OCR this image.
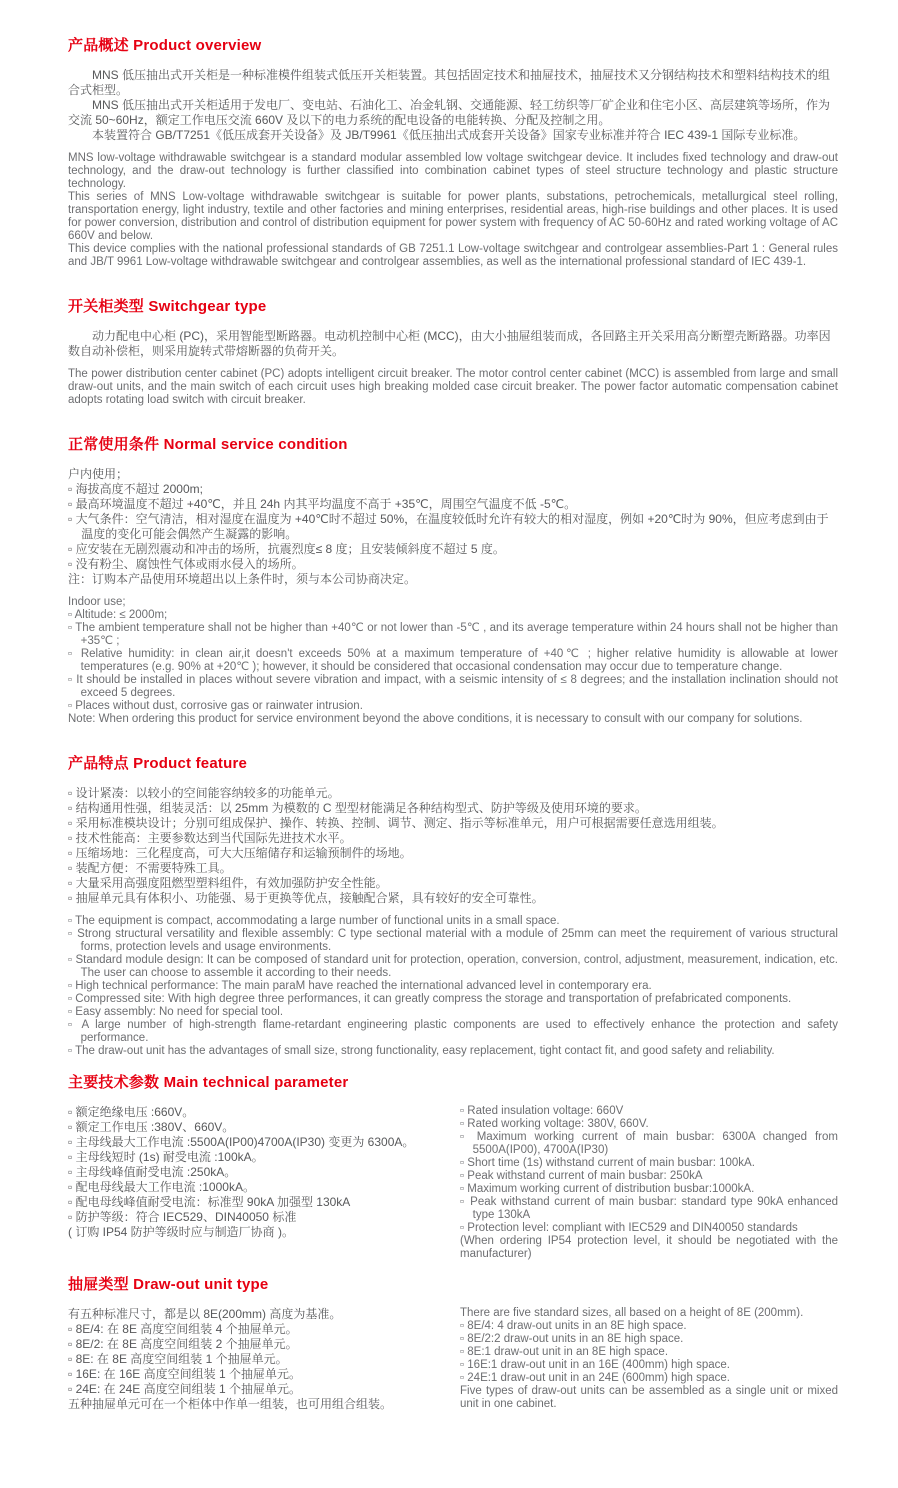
产品概述 Product overview

MNS 低压抽出式开关柜是一种标准模件组装式低压开关柜装置。其包括固定技术和抽屉技术，抽屉技术又分钢结构技术和塑料结构技术的组合式柜型。

MNS 低压抽出式开关柜适用于发电厂、变电站、石油化工、冶金轧钢、交通能源、轻工纺织等厂矿企业和住宅小区、高层建筑等场所，作为交流 50~60Hz，额定工作电压交流 660V 及以下的电力系统的配电设备的电能转换、分配及控制之用。

本装置符合 GB/T7251《低压成套开关设备》及 JB/T9961《低压抽出式成套开关设备》国家专业标准并符合 IEC 439-1 国际专业标准。

MNS low-voltage withdrawable switchgear is a standard modular assembled low voltage switchgear device. It includes fixed technology and draw-out technology, and the draw-out technology is further classified into combination cabinet types of steel structure technology and plastic structure technology.

This series of MNS Low-voltage withdrawable switchgear is suitable for power plants, substations, petrochemicals, metallurgical steel rolling, transportation energy, light industry, textile and other factories and mining enterprises, residential areas, high-rise buildings and other places. It is used for power conversion, distribution and control of distribution equipment for power system with frequency of AC 50-60Hz and rated working voltage of AC 660V and below.

This device complies with the national professional standards of GB 7251.1 Low-voltage switchgear and controlgear assemblies-Part 1 : General rules and JB/T 9961 Low-voltage withdrawable switchgear and controlgear assemblies, as well as the international professional standard of IEC 439-1.

开关柜类型 Switchgear type

动力配电中心柜 (PC)，采用智能型断路器。电动机控制中心柜 (MCC)，由大小抽屉组装而成，各回路主开关采用高分断塑壳断路器。功率因数自动补偿柜，则采用旋转式带熔断器的负荷开关。

The power distribution center cabinet (PC) adopts intelligent circuit breaker. The motor control center cabinet (MCC) is assembled from large and small draw-out units, and the main switch of each circuit uses high breaking molded case circuit breaker. The power factor automatic compensation cabinet adopts rotating load switch with circuit breaker.

正常使用条件 Normal service condition

户内使用；

▫ 海拔高度不超过 2000m;

▫ 最高环境温度不超过 +40℃，并且 24h 内其平均温度不高于 +35℃，周围空气温度不低 -5℃。

▫ 大气条件：空气清洁，相对湿度在温度为 +40℃时不超过 50%，在温度较低时允许有较大的相对湿度，例如 +20℃时为 90%，但应考虑到由于温度的变化可能会偶然产生凝露的影响。

▫ 应安装在无剧烈震动和冲击的场所，抗震烈度≤ 8 度；且安装倾斜度不超过 5 度。

▫ 没有粉尘、腐蚀性气体或雨水侵入的场所。

注：订购本产品使用环境超出以上条件时，须与本公司协商决定。

Indoor use;

▫ Altitude: ≤ 2000m;

▫ The ambient temperature shall not be higher than +40℃ or not lower than -5℃ , and its average temperature within 24 hours shall not be higher than +35℃ ;

▫ Relative humidity: in clean air,it doesn't exceeds 50% at a maximum temperature of +40℃ ; higher relative humidity is allowable at lower temperatures (e.g. 90% at +20℃ ); however, it should be considered that occasional condensation may occur due to temperature change.

▫ It should be installed in places without severe vibration and impact, with a seismic intensity of ≤ 8 degrees; and the installation inclination should not exceed 5 degrees.

▫ Places without dust, corrosive gas or rainwater intrusion.

Note: When ordering this product for service environment beyond the above conditions, it is necessary to consult with our company for solutions.

产品特点 Product feature

▫ 设计紧凑：以较小的空间能容纳较多的功能单元。

▫ 结构通用性强，组装灵活：以 25mm 为模数的 C 型型材能满足各种结构型式、防护等级及使用环境的要求。

▫ 采用标准模块设计；分别可组成保护、操作、转换、控制、调节、测定、指示等标准单元，用户可根据需要任意选用组装。

▫ 技术性能高：主要参数达到当代国际先进技术水平。

▫ 压缩场地：三化程度高，可大大压缩储存和运输预制件的场地。

▫ 装配方便：不需要特殊工具。

▫ 大量采用高强度阻燃型塑料组件，有效加强防护安全性能。

▫ 抽屉单元具有体积小、功能强、易于更换等优点，接触配合紧，具有较好的安全可靠性。

▫ The equipment is compact, accommodating a large number of functional units in a small space.

▫ Strong structural versatility and flexible assembly: C type sectional material with a module of 25mm can meet the requirement of various structural forms, protection levels and usage environments.

▫ Standard module design: It can be composed of standard unit for protection, operation, conversion, control, adjustment, measurement, indication, etc. The user can choose to assemble it according to their needs.

▫ High technical performance: The main paraM have reached the international advanced level in contemporary era.

▫ Compressed site: With high degree three performances, it can greatly compress the storage and transportation of prefabricated components.

▫ Easy assembly: No need for special tool.

▫ A large number of high-strength flame-retardant engineering plastic components are used to effectively enhance the protection and safety performance.

▫ The draw-out unit has the advantages of small size, strong functionality, easy replacement, tight contact fit, and good safety and reliability.

主要技术参数 Main technical parameter

▫ 额定绝缘电压 :660V。

▫ 额定工作电压 :380V、660V。

▫ 主母线最大工作电流 :5500A(IP00)4700A(IP30) 变更为 6300A。

▫ 主母线短时 (1s) 耐受电流 :100kA。

▫ 主母线峰值耐受电流 :250kA。

▫ 配电母线最大工作电流 :1000kA。

▫ 配电母线峰值耐受电流：标准型 90kA 加强型 130kA

▫ 防护等级：符合 IEC529、DIN40050 标准

( 订购 IP54 防护等级时应与制造厂协商 )。

▫ Rated insulation voltage: 660V

▫ Rated working voltage: 380V, 660V.

▫ Maximum working current of main busbar: 6300A changed from 5500A(IP00), 4700A(IP30)

▫ Short time (1s) withstand current of main busbar: 100kA.

▫ Peak withstand current of main busbar: 250kA

▫ Maximum working current of distribution busbar:1000kA.

▫ Peak withstand current of main busbar: standard type 90kA enhanced type 130kA

▫ Protection level: compliant with IEC529 and DIN40050 standards

(When ordering IP54 protection level, it should be negotiated with the manufacturer)

抽屉类型 Draw-out unit type

有五种标准尺寸，都是以 8E(200mm) 高度为基准。

▫ 8E/4: 在 8E 高度空间组装 4 个抽屉单元。

▫ 8E/2: 在 8E 高度空间组装 2 个抽屉单元。

▫ 8E: 在 8E 高度空间组装 1 个抽屉单元。

▫ 16E: 在 16E 高度空间组装 1 个抽屉单元。

▫ 24E: 在 24E 高度空间组装 1 个抽屉单元。

五种抽屉单元可在一个柜体中作单一组装，也可用组合组装。

There are five standard sizes, all based on a height of 8E (200mm).

▫ 8E/4: 4 draw-out units in an 8E high space.

▫ 8E/2:2 draw-out units in an 8E high space.

▫ 8E:1 draw-out unit in an 8E high space.

▫ 16E:1 draw-out unit in an 16E (400mm) high space.

▫ 24E:1 draw-out unit in an 24E (600mm) high space.

Five types of draw-out units can be assembled as a single unit or mixed unit in one cabinet.
